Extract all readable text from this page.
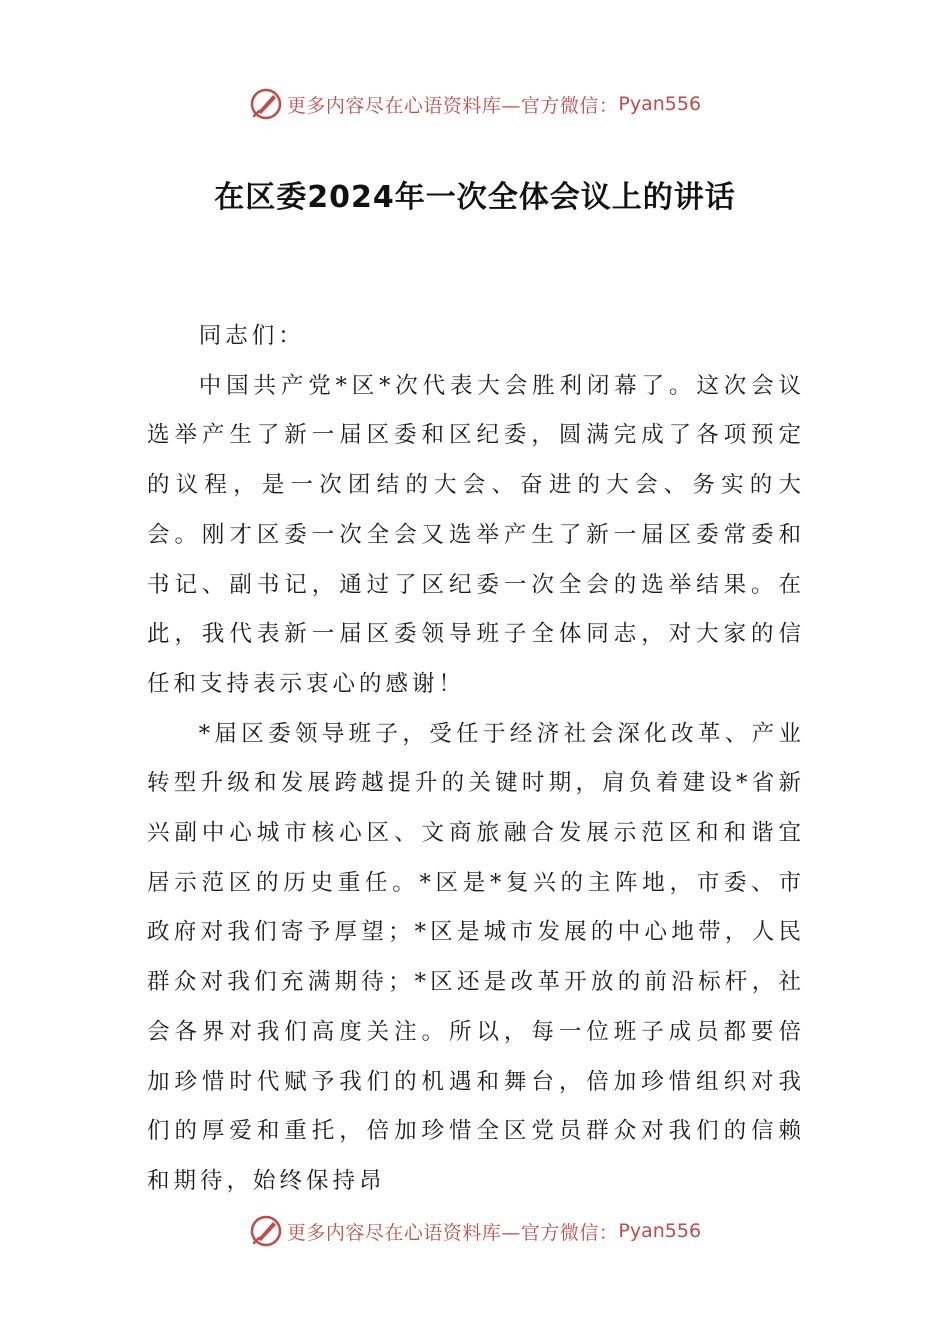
更多内容尽在心语资料库—官方微信： Pyan556
在区委2024年一次全体会议上的讲话

同志们：

中国共产党*区*次代表大会胜利闭幕了。这次会议选举产生了新一届区委和区纪委，圆满完成了各项预定的议程，是一次团结的大会、奋进的大会、务实的大会。刚才区委一次全会又选举产生了新一届区委常委和书记、副书记，通过了区纪委一次全会的选举结果。在此，我代表新一届区委领导班子全体同志，对大家的信任和支持表示衷心的感谢！

*届区委领导班子，受任于经济社会深化改革、产业转型升级和发展跨越提升的关键时期，肩负着建设*省新兴副中心城市核心区、文商旅融合发展示范区和和谐宜居示范区的历史重任。*区是*复兴的主阵地，市委、市政府对我们寄予厚望；*区是城市发展的中心地带，人民群众对我们充满期待；*区还是改革开放的前沿标杆，社会各界对我们高度关注。所以，每一位班子成员都要倍加珍惜时代赋予我们的机遇和舞台，倍加珍惜组织对我们的厚爱和重托，倍加珍惜全区党员群众对我们的信赖和期待，始终保持昂

更多内容尽在心语资料库—官方微信： Pyan556
